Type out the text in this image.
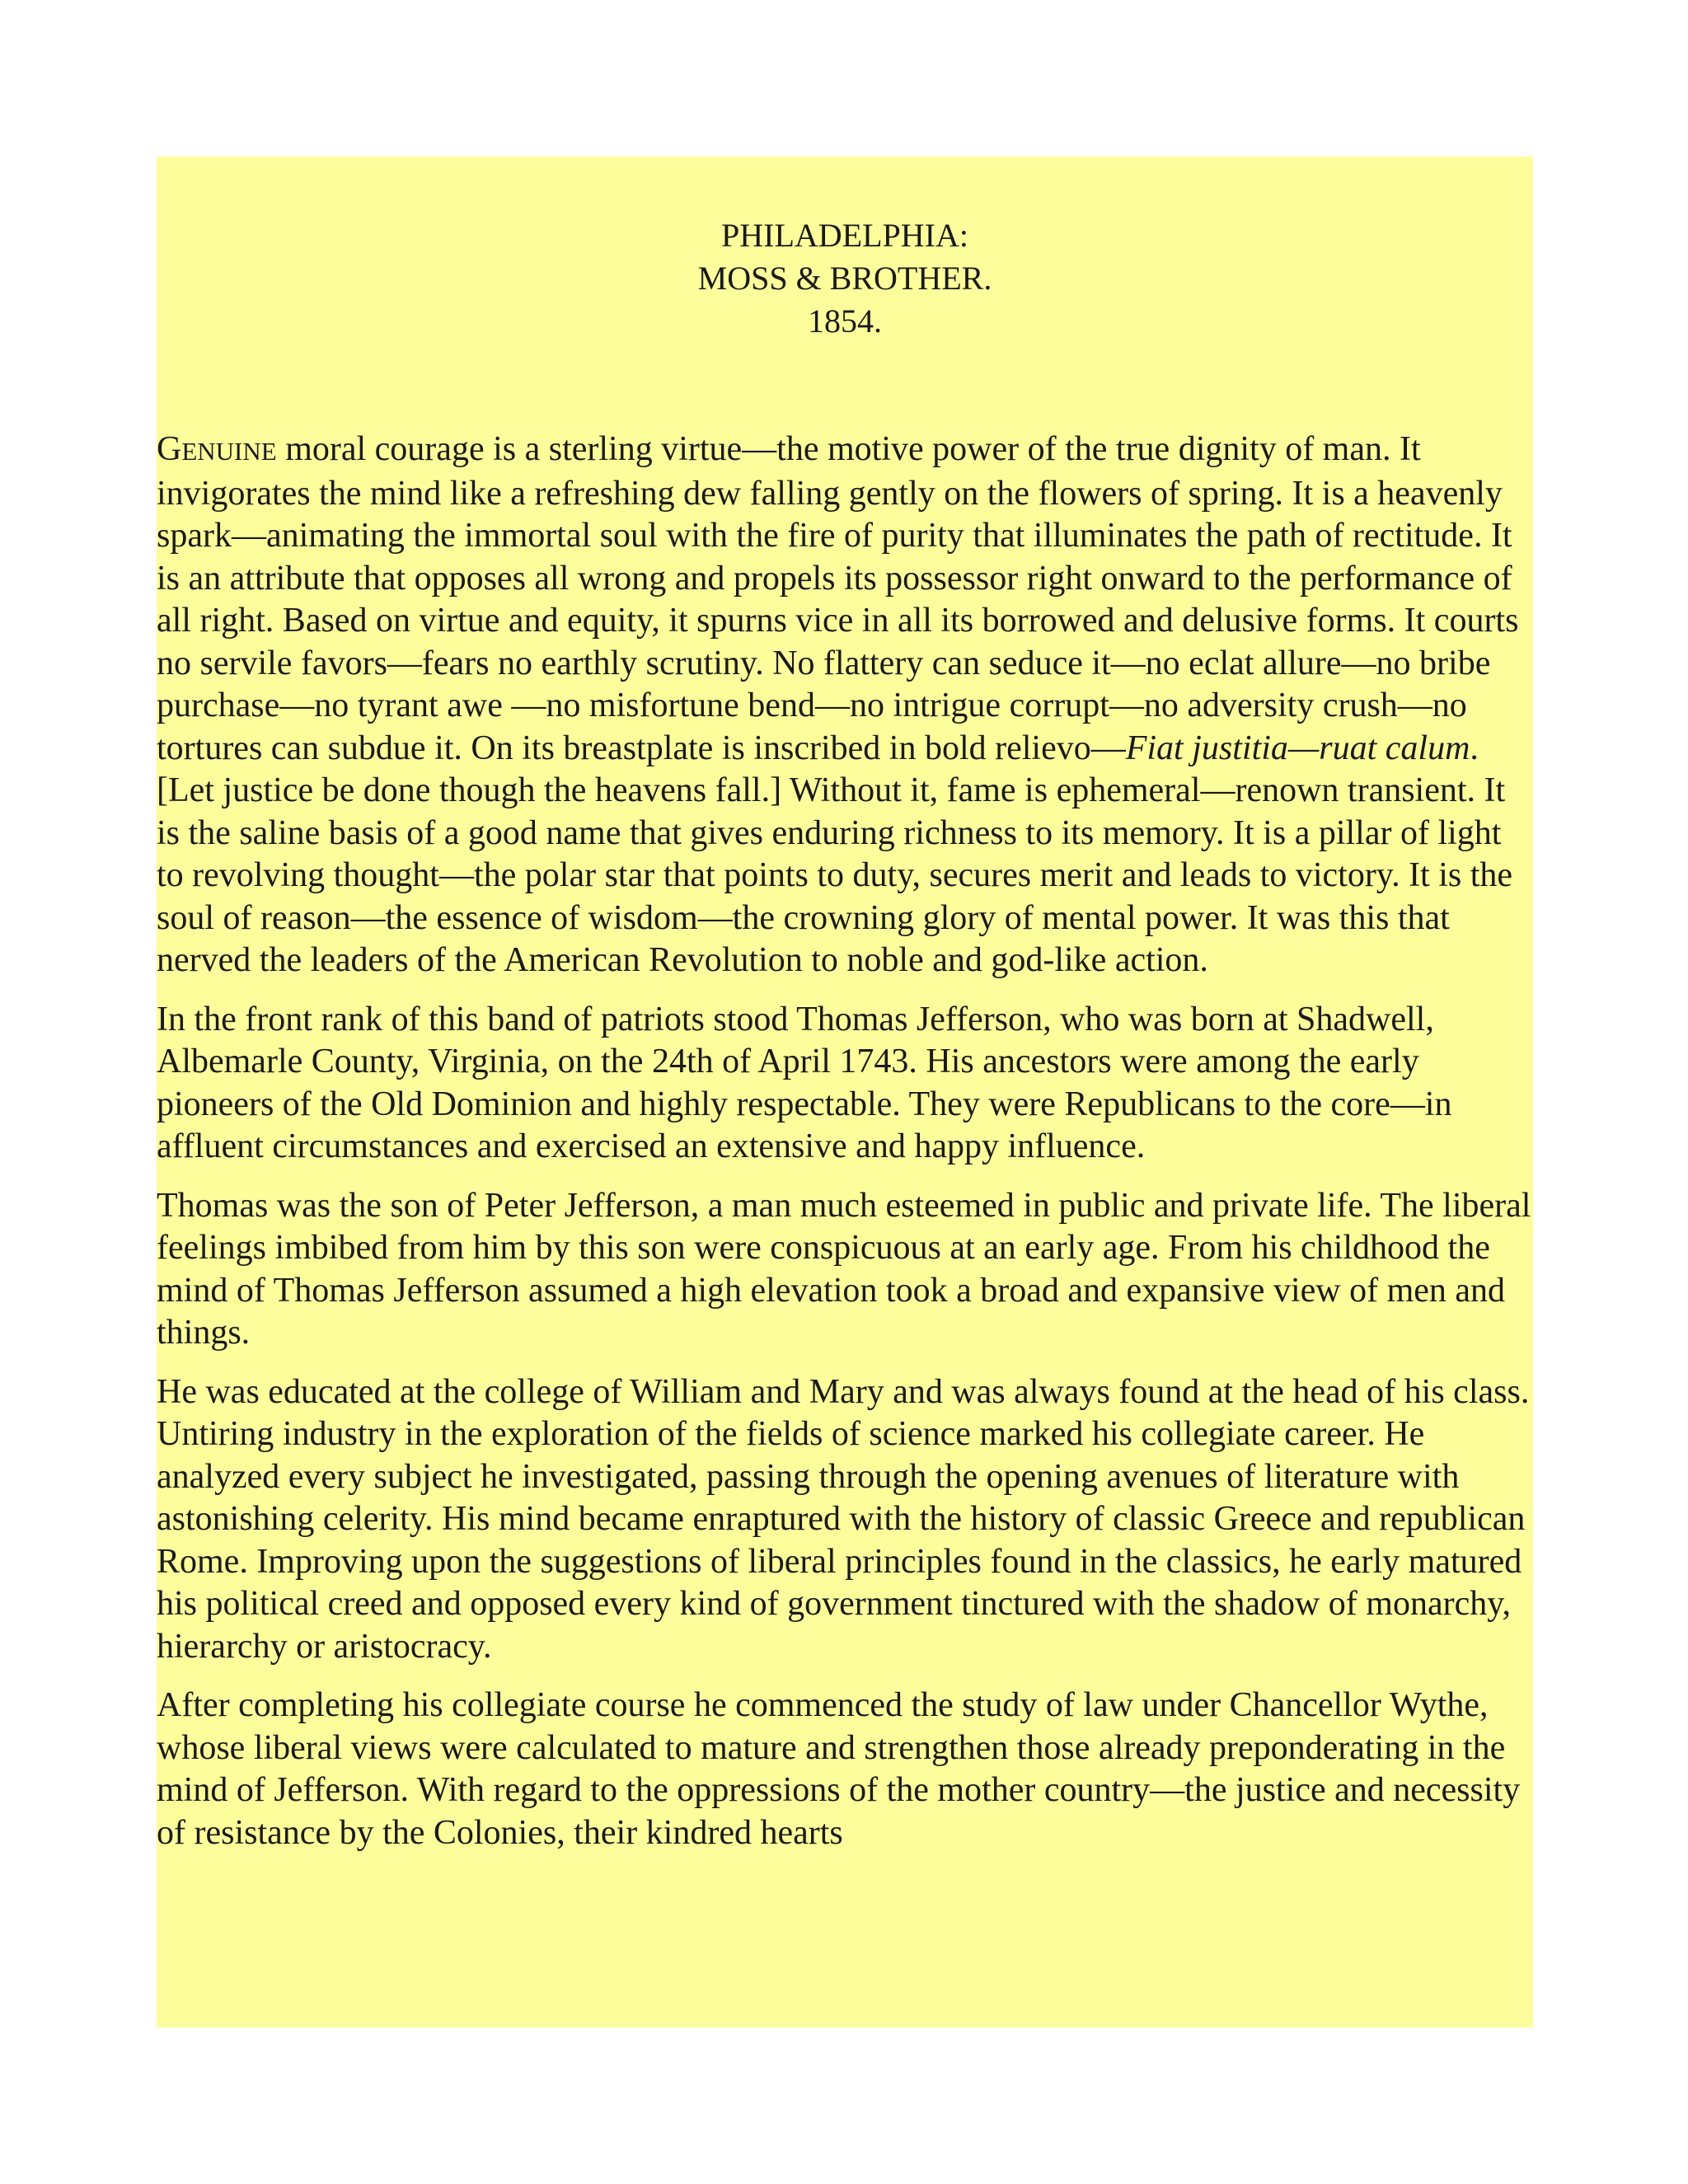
PHILADELPHIA:
MOSS & BROTHER.
1854.

GENUINE moral courage is a sterling virtue—the motive power of the true dignity of man. It invigorates the mind like a refreshing dew falling gently on the flowers of spring. It is a heavenly spark—animating the immortal soul with the fire of purity that illuminates the path of rectitude. It is an attribute that opposes all wrong and propels its possessor right onward to the performance of all right. Based on virtue and equity, it spurns vice in all its borrowed and delusive forms. It courts no servile favors—fears no earthly scrutiny. No flattery can seduce it—no eclat allure—no bribe purchase—no tyrant awe —no misfortune bend—no intrigue corrupt—no adversity crush—no tortures can subdue it. On its breastplate is inscribed in bold relievo—Fiat justitia—ruat calum. [Let justice be done though the heavens fall.] Without it, fame is ephemeral—renown transient. It is the saline basis of a good name that gives enduring richness to its memory. It is a pillar of light to revolving thought—the polar star that points to duty, secures merit and leads to victory. It is the soul of reason—the essence of wisdom—the crowning glory of mental power. It was this that nerved the leaders of the American Revolution to noble and god-like action.

In the front rank of this band of patriots stood Thomas Jefferson, who was born at Shadwell, Albemarle County, Virginia, on the 24th of April 1743. His ancestors were among the early pioneers of the Old Dominion and highly respectable. They were Republicans to the core—in affluent circumstances and exercised an extensive and happy influence.

Thomas was the son of Peter Jefferson, a man much esteemed in public and private life. The liberal feelings imbibed from him by this son were conspicuous at an early age. From his childhood the mind of Thomas Jefferson assumed a high elevation took a broad and expansive view of men and things.

He was educated at the college of William and Mary and was always found at the head of his class. Untiring industry in the exploration of the fields of science marked his collegiate career. He analyzed every subject he investigated, passing through the opening avenues of literature with astonishing celerity. His mind became enraptured with the history of classic Greece and republican Rome. Improving upon the suggestions of liberal principles found in the classics, he early matured his political creed and opposed every kind of government tinctured with the shadow of monarchy, hierarchy or aristocracy.

After completing his collegiate course he commenced the study of law under Chancellor Wythe, whose liberal views were calculated to mature and strengthen those already preponderating in the mind of Jefferson. With regard to the oppressions of the mother country—the justice and necessity of resistance by the Colonies, their kindred hearts
